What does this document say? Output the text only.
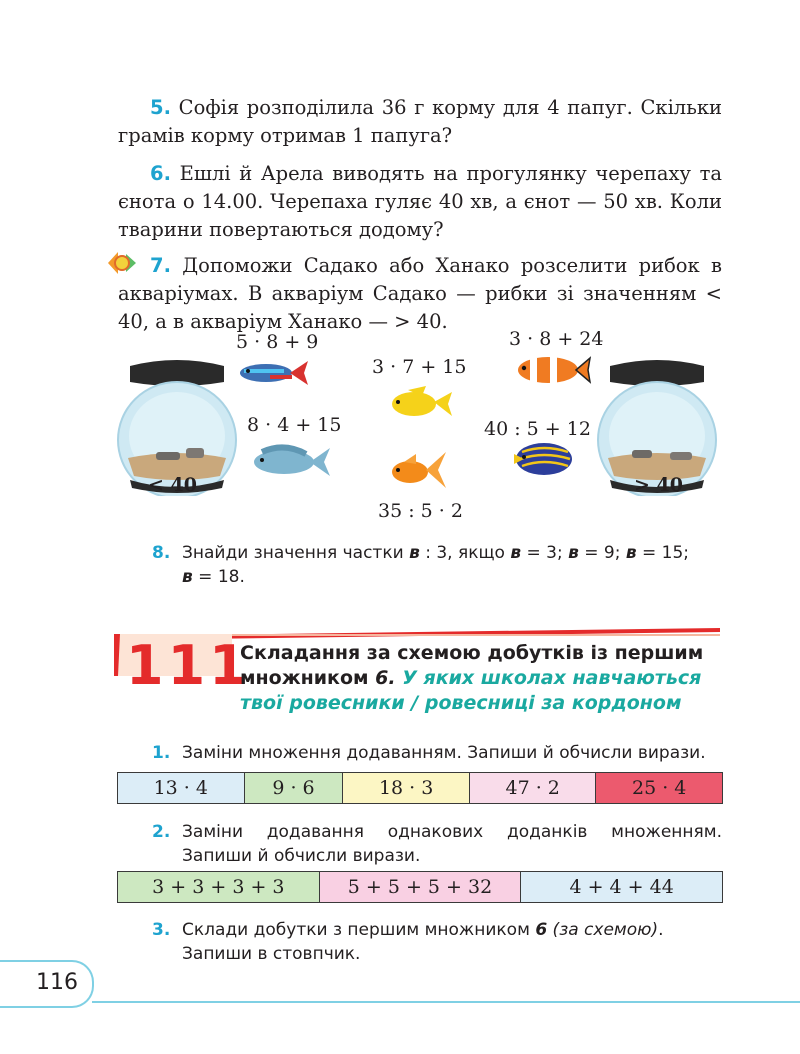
5. Софія розподілила 36 г корму для 4 папуг. Скільки грамів корму отримав 1 папуга?
6. Ешлі й Арела виводять на прогулянку черепаху та єнота о 14.00. Черепаха гуляє 40 хв, а єнот — 50 хв. Коли тварини повертаються додому?
7. Допоможи Садако або Ханако розселити рибок в акваріумах. В акваріум Садако — рибки зі значенням < 40, а в акваріум Ханако — > 40.
< 40	> 40
5 · 8 + 9
8 · 4 + 15
3 · 7 + 15
35 : 5 · 2
3 · 8 + 24
40 : 5 + 12
8. Знайди значення частки в : 3, якщо в = 3; в = 9; в = 15;
в = 18.
111
Складання за схемою добутків із першим множником 6. У яких школах навчаються твої ровесники / ровесниці за кордоном
1. Заміни множення додаванням. Запиши й обчисли вирази.
13 · 4	9 · 6	18 · 3	47 · 2	25 · 4
2. Заміни додавання однакових доданків множенням. Запиши й обчисли вирази.
3 + 3 + 3 + 3	5 + 5 + 5 + 32	4 + 4 + 44
3. Склади добутки з першим множником 6 (за схемою). Запиши в стовпчик.
116
